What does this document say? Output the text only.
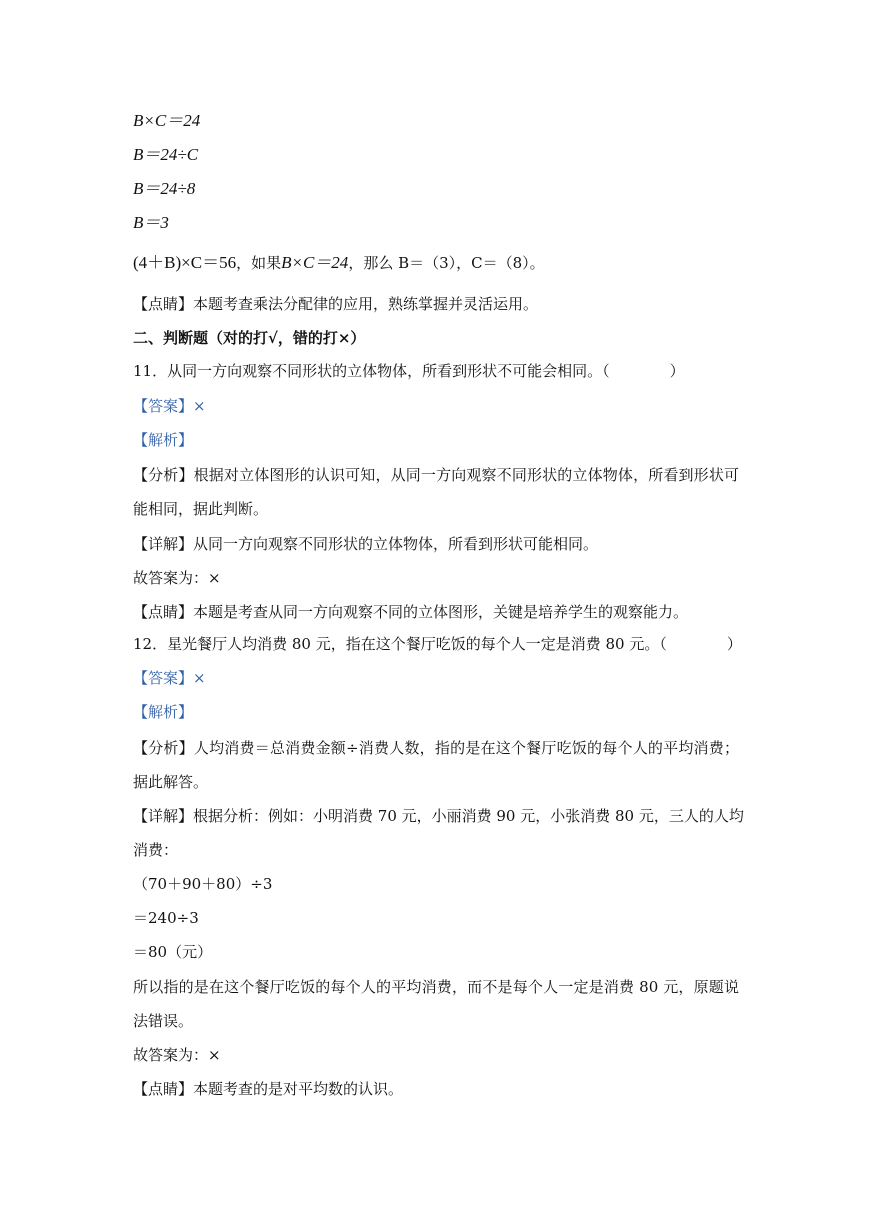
B×C＝24
B＝24÷C
B＝24÷8
B＝3
(4＋B)×C＝56，如果B×C＝24，那么 B＝（3），C＝（8）。
【点睛】本题考查乘法分配律的应用，熟练掌握并灵活运用。
二、判断题（对的打√，错的打×）
11．从同一方向观察不同形状的立体物体，所看到形状不可能会相同。（　　　　）
【答案】×
【解析】
【分析】根据对立体图形的认识可知，从同一方向观察不同形状的立体物体，所看到形状可
能相同，据此判断。
【详解】从同一方向观察不同形状的立体物体，所看到形状可能相同。
故答案为：×
【点睛】本题是考查从同一方向观察不同的立体图形，关键是培养学生的观察能力。
12．星光餐厅人均消费 80 元，指在这个餐厅吃饭的每个人一定是消费 80 元。（　　　　）
【答案】×
【解析】
【分析】人均消费＝总消费金额÷消费人数，指的是在这个餐厅吃饭的每个人的平均消费；
据此解答。
【详解】根据分析：例如：小明消费 70 元，小丽消费 90 元，小张消费 80 元，三人的人均
消费：
（70＋90＋80）÷3
＝240÷3
＝80（元）
所以指的是在这个餐厅吃饭的每个人的平均消费，而不是每个人一定是消费 80 元，原题说
法错误。
故答案为：×
【点睛】本题考查的是对平均数的认识。
